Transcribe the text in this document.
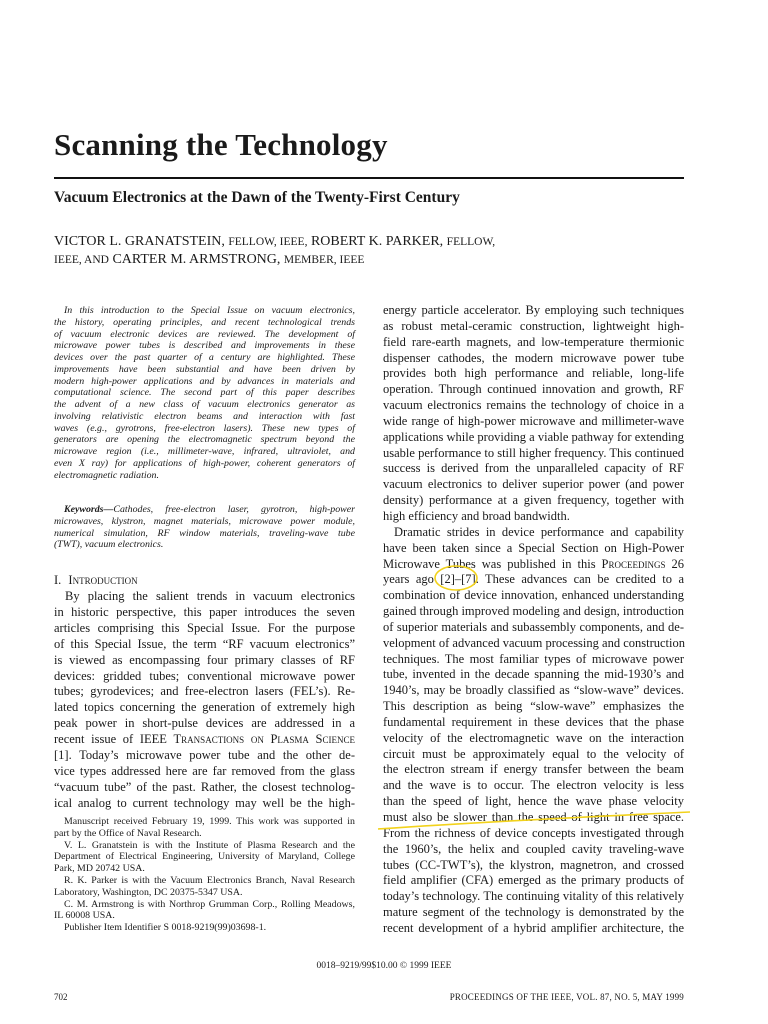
Scanning the Technology
Vacuum Electronics at the Dawn of the Twenty-First Century
VICTOR L. GRANATSTEIN, FELLOW, IEEE, ROBERT K. PARKER, FELLOW,
IEEE, AND CARTER M. ARMSTRONG, MEMBER, IEEE
In this introduction to the Special Issue on vacuum electronics,
the history, operating principles, and recent technological trends
of vacuum electronic devices are reviewed. The development of
microwave power tubes is described and improvements in these
devices over the past quarter of a century are highlighted. These
improvements have been substantial and have been driven by
modern high-power applications and by advances in materials and
computational science. The second part of this paper describes
the advent of a new class of vacuum electronics generator as
involving relativistic electron beams and interaction with fast
waves (e.g., gyrotrons, free-electron lasers). These new types of
generators are opening the electromagnetic spectrum beyond the
microwave region (i.e., millimeter-wave, infrared, ultraviolet, and
even X ray) for applications of high-power, coherent generators of
electromagnetic radiation.
Keywords—Cathodes, free-electron laser, gyrotron, high-power
microwaves, klystron, magnet materials, microwave power module,
numerical simulation, RF window materials, traveling-wave tube
(TWT), vacuum electronics.
I. Introduction
By placing the salient trends in vacuum electronics
in historic perspective, this paper introduces the seven
articles comprising this Special Issue. For the purpose
of this Special Issue, the term “RF vacuum electronics”
is viewed as encompassing four primary classes of RF
devices: gridded tubes; conventional microwave power
tubes; gyrodevices; and free-electron lasers (FEL’s). Re-
lated topics concerning the generation of extremely high
peak power in short-pulse devices are addressed in a
recent issue of IEEE Transactions on Plasma Science
[1]. Today’s microwave power tube and the other de-
vice types addressed here are far removed from the glass
“vacuum tube” of the past. Rather, the closest technolog-
ical analog to current technology may well be the high-
Manuscript received February 19, 1999. This work was supported in
part by the Office of Naval Research.
V. L. Granatstein is with the Institute of Plasma Research and the
Department of Electrical Engineering, University of Maryland, College
Park, MD 20742 USA.
R. K. Parker is with the Vacuum Electronics Branch, Naval Research
Laboratory, Washington, DC 20375-5347 USA.
C. M. Armstrong is with Northrop Grumman Corp., Rolling Meadows,
IL 60008 USA.
Publisher Item Identifier S 0018-9219(99)03698-1.
energy particle accelerator. By employing such techniques
as robust metal-ceramic construction, lightweight high-
field rare-earth magnets, and low-temperature thermionic
dispenser cathodes, the modern microwave power tube
provides both high performance and reliable, long-life
operation. Through continued innovation and growth, RF
vacuum electronics remains the technology of choice in a
wide range of high-power microwave and millimeter-wave
applications while providing a viable pathway for extending
usable performance to still higher frequency. This continued
success is derived from the unparalleled capacity of RF
vacuum electronics to deliver superior power (and power
density) performance at a given frequency, together with
high efficiency and broad bandwidth.
Dramatic strides in device performance and capability
have been taken since a Special Section on High-Power
Microwave Tubes was published in this Proceedings 26
years ago [2]–[7]. These advances can be credited to a
combination of device innovation, enhanced understanding
gained through improved modeling and design, introduction
of superior materials and subassembly components, and de-
velopment of advanced vacuum processing and construction
techniques. The most familiar types of microwave power
tube, invented in the decade spanning the mid-1930’s and
1940’s, may be broadly classified as “slow-wave” devices.
This description as being “slow-wave” emphasizes the
fundamental requirement in these devices that the phase
velocity of the electromagnetic wave on the interaction
circuit must be approximately equal to the velocity of
the electron stream if energy transfer between the beam
and the wave is to occur. The electron velocity is less
than the speed of light, hence the wave phase velocity
must also be slower than the speed of light in free space.
From the richness of device concepts investigated through
the 1960’s, the helix and coupled cavity traveling-wave
tubes (CC-TWT’s), the klystron, magnetron, and crossed
field amplifier (CFA) emerged as the primary products of
today’s technology. The continuing vitality of this relatively
mature segment of the technology is demonstrated by the
recent development of a hybrid amplifier architecture, the
0018–9219/99$10.00 © 1999 IEEE
702	PROCEEDINGS OF THE IEEE, VOL. 87, NO. 5, MAY 1999
